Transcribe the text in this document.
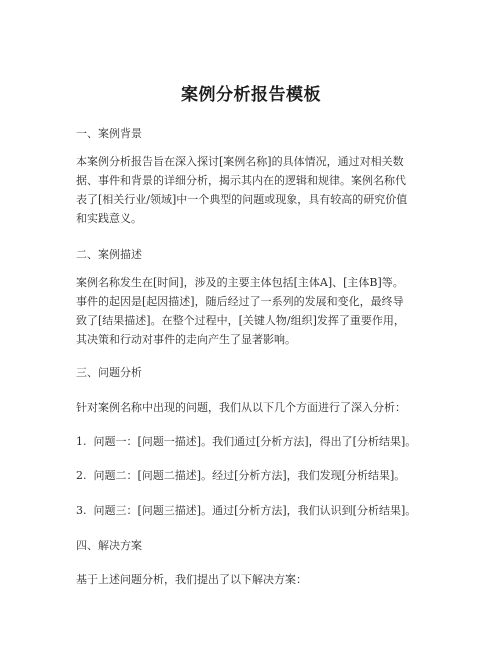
案例分析报告模板
一、案例背景
本案例分析报告旨在深入探讨[案例名称]的具体情况，通过对相关数
据、事件和背景的详细分析，揭示其内在的逻辑和规律。案例名称代
表了[相关行业/领域]中一个典型的问题或现象，具有较高的研究价值
和实践意义。
二、案例描述
案例名称发生在[时间]，涉及的主要主体包括[主体A]、[主体B]等。
事件的起因是[起因描述]，随后经过了一系列的发展和变化，最终导
致了[结果描述]。在整个过程中，[关键人物/组织]发挥了重要作用，
其决策和行动对事件的走向产生了显著影响。
三、问题分析
针对案例名称中出现的问题，我们从以下几个方面进行了深入分析：
1. 问题一：[问题一描述]。我们通过[分析方法]，得出了[分析结果]。
2. 问题二：[问题二描述]。经过[分析方法]，我们发现[分析结果]。
3. 问题三：[问题三描述]。通过[分析方法]，我们认识到[分析结果]。
四、解决方案
基于上述问题分析，我们提出了以下解决方案：
